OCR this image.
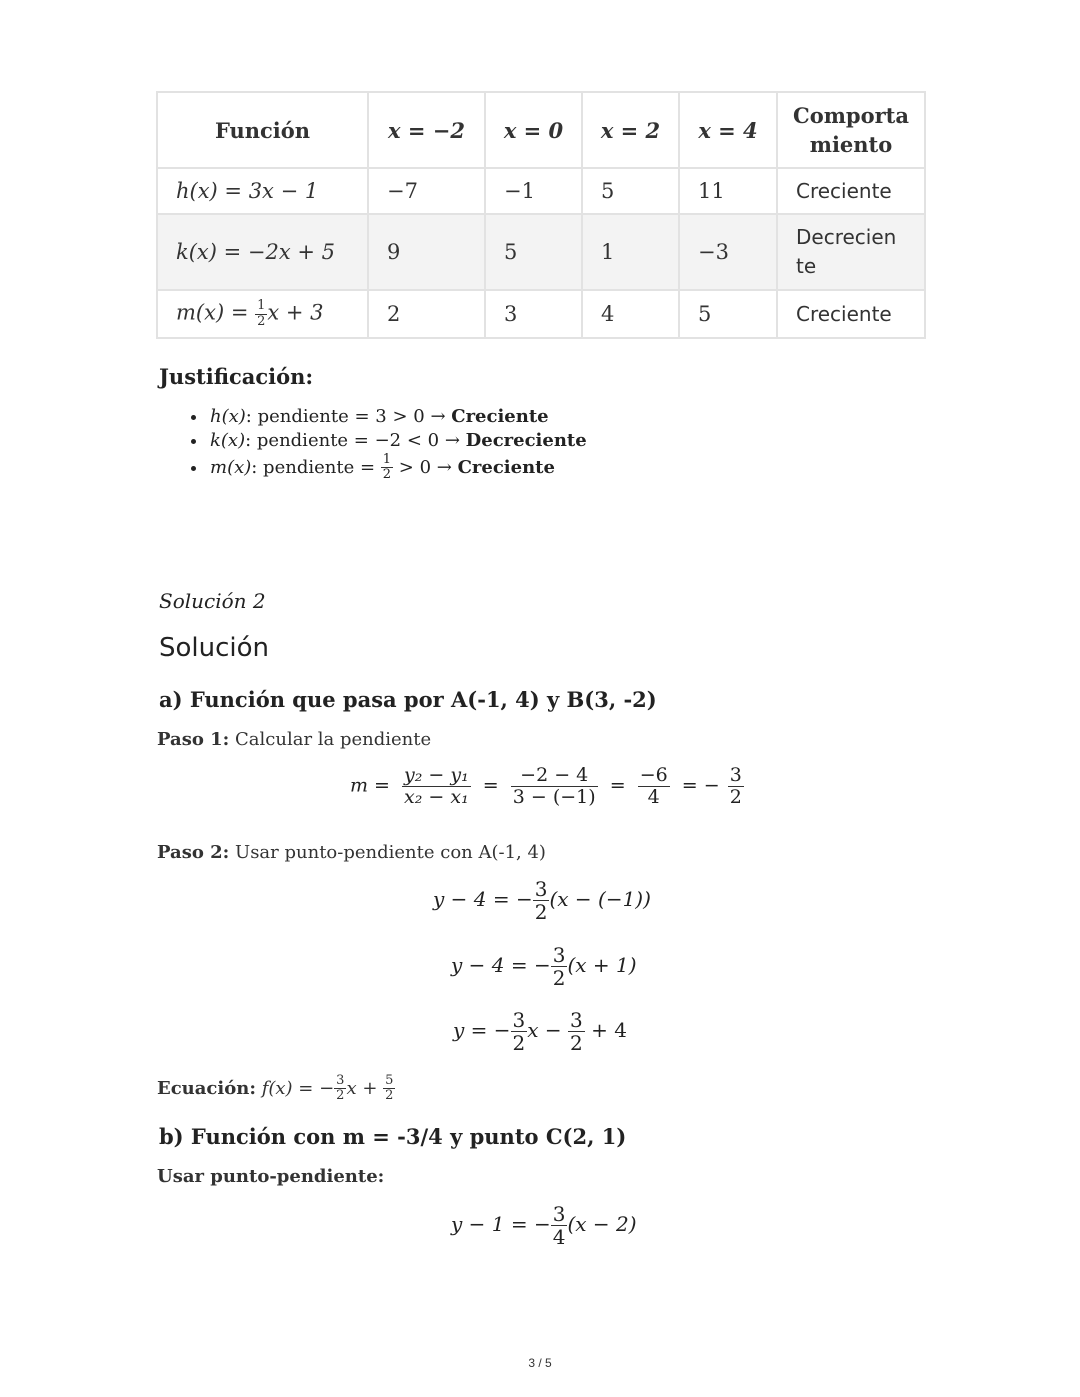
Función	x = −2	x = 0	x = 2	x = 4	Comporta
miento
h(x) = 3x − 1	−7	−1	5	11	Creciente
k(x) = −2x + 5	9	5	1	−3	Decrecien
te
$m(x) = \frac{1}{2}$ x + 3	2	3	4	5	Creciente
Justificación:
• h(x): pendiente = 3 > 0 → Creciente
• k(x): pendiente = −2 < 0 → Decreciente
• m(x): pendiente = $\frac{1}{2} > 0$ → Creciente
Solución 2
Solución
a) Función que pasa por A(-1, 4) y B(3, -2)
Paso 1: Calcular la pendiente
$m = \frac{\text{y₂ − y₁}}{\text{x₂ − x₁}} = \frac{-2 - 4}{3 - (-1)} = \frac{-6}{4}$ = − $\frac{3}{2}$
Paso 2: Usar punto-pendiente con A(-1, 4)
y − 4 = − $\frac{3}{2} (x - (-1))$
y − 4 = − $\frac{3}{2} (x + 1)$
y = − $\frac{3}{2}$ $x - \frac{3}{2} + 4$
Ecuación: f(x) = − $\frac{3}{2}$ $x + \frac{5}{2}$
b) Función con m = -3/4 y punto C(2, 1)
Usar punto-pendiente:
y − 1 = − $\frac{3}{4} (x - 2)$
3 / 5
